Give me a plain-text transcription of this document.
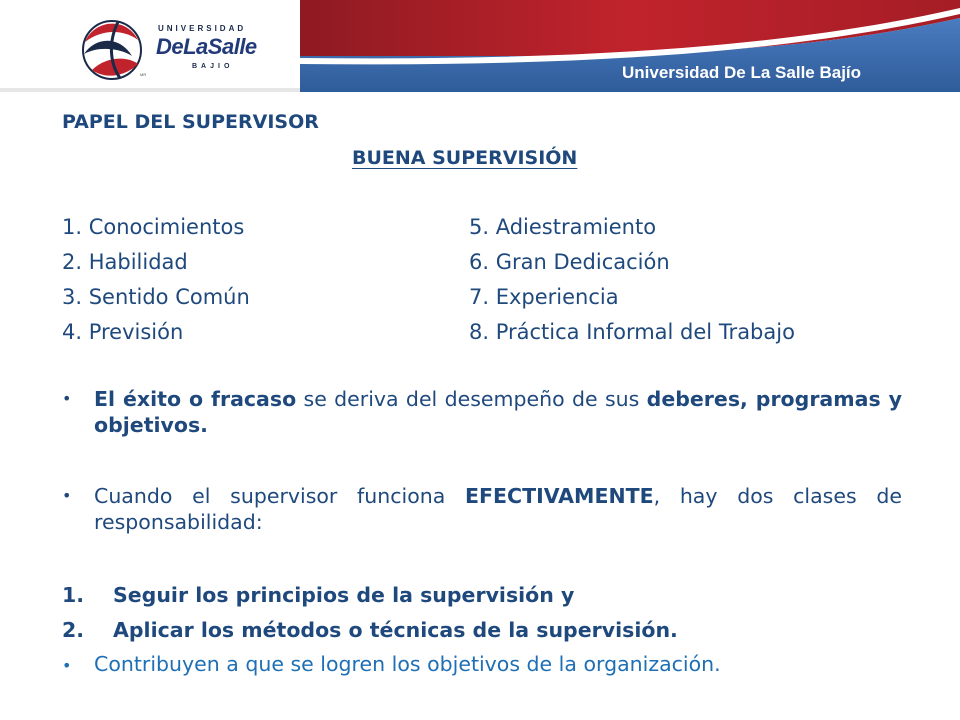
UNIVERSIDAD
DeLaSalle
BAJIO
MR	Universidad De La Salle Bajío
PAPEL DEL SUPERVISOR
BUENA SUPERVISIÓN
1. Conocimientos
2. Habilidad
3. Sentido Común
4. Previsión
5. Adiestramiento
6. Gran Dedicación
7. Experiencia
8. Práctica Informal del Trabajo
• El éxito o fracaso se deriva del desempeño de sus deberes, programas y objetivos.
• Cuando el supervisor funciona EFECTIVAMENTE, hay dos clases de responsabilidad:
1. Seguir los principios de la supervisión y
2. Aplicar los métodos o técnicas de la supervisión.
• Contribuyen a que se logren los objetivos de la organización.
